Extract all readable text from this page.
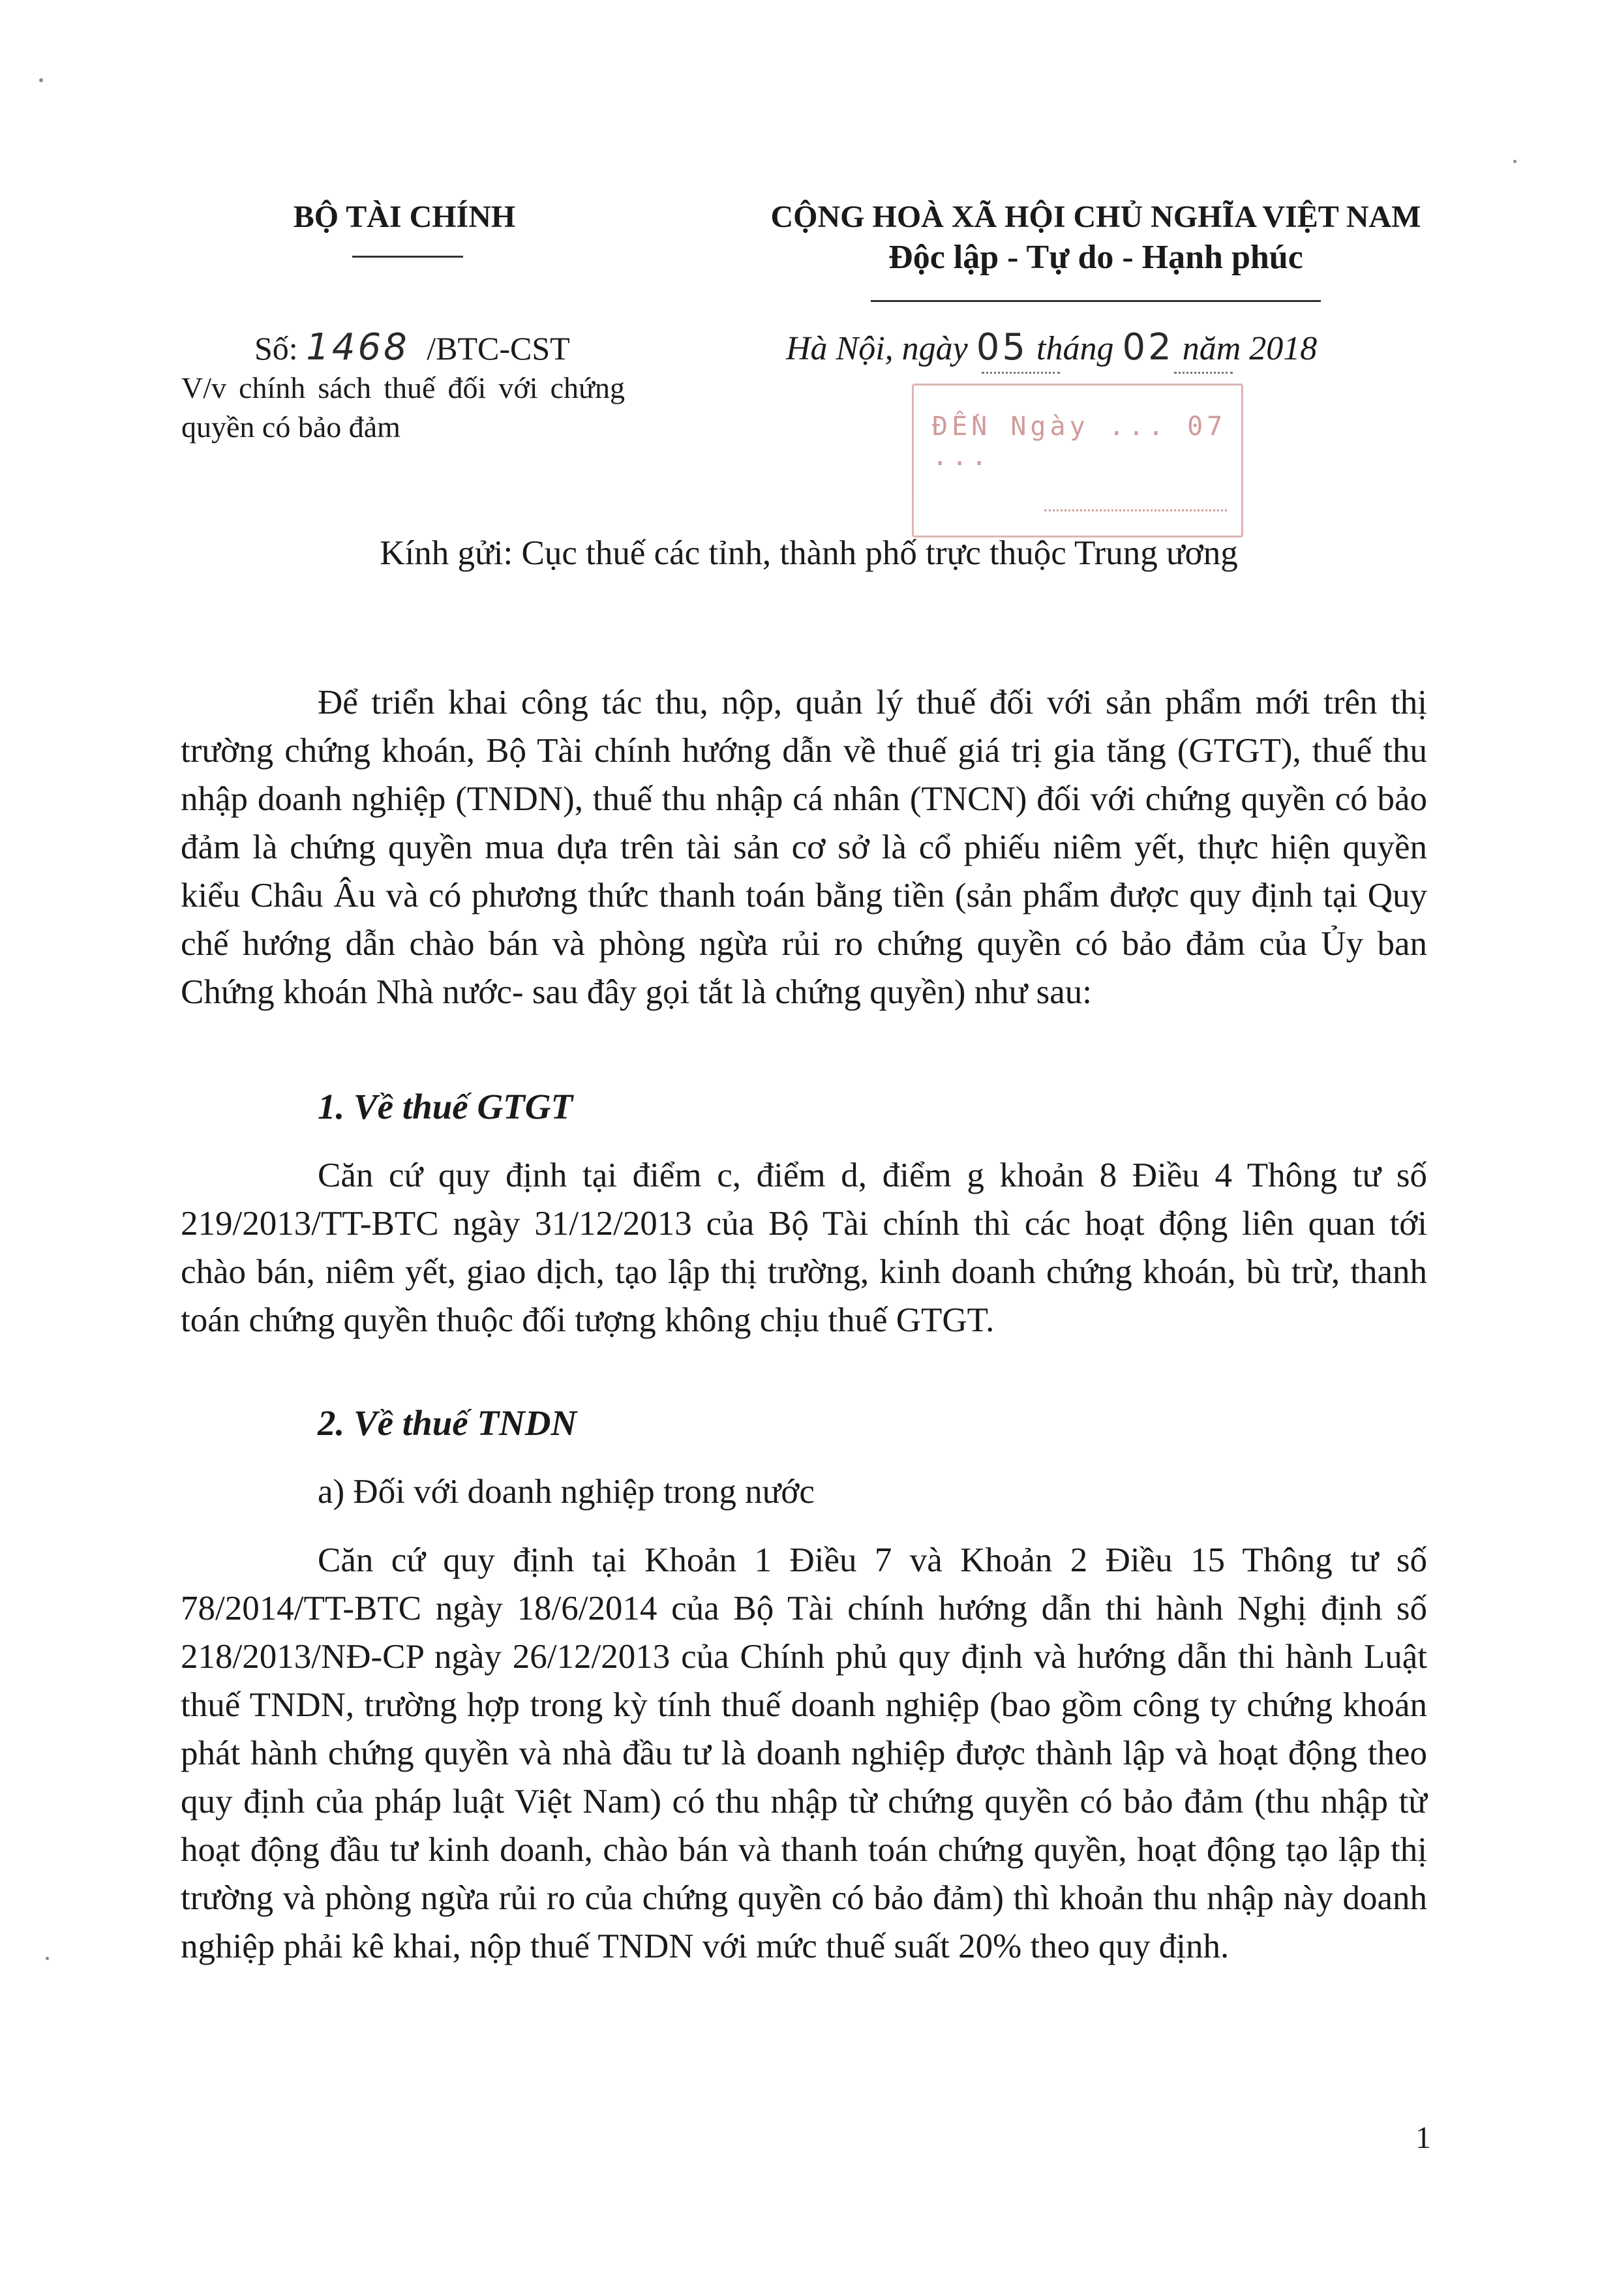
BỘ TÀI CHÍNH	CỘNG HOÀ XÃ HỘI CHỦ NGHĨA VIỆT NAM
Độc lập - Tự do - Hạnh phúc
Số: 1468 /BTC-CST
V/v chính sách thuế đối với chứng quyền có bảo đảm
Hà Nội, ngày 05 tháng 02 năm 2018
ĐẾN Ngày ... 07 ...
Kính gửi: Cục thuế các tỉnh, thành phố trực thuộc Trung ương
Để triển khai công tác thu, nộp, quản lý thuế đối với sản phẩm mới trên thị trường chứng khoán, Bộ Tài chính hướng dẫn về thuế giá trị gia tăng (GTGT), thuế thu nhập doanh nghiệp (TNDN), thuế thu nhập cá nhân (TNCN) đối với chứng quyền có bảo đảm là chứng quyền mua dựa trên tài sản cơ sở là cổ phiếu niêm yết, thực hiện quyền kiểu Châu Âu và có phương thức thanh toán bằng tiền (sản phẩm được quy định tại Quy chế hướng dẫn chào bán và phòng ngừa rủi ro chứng quyền có bảo đảm của Ủy ban Chứng khoán Nhà nước- sau đây gọi tắt là chứng quyền) như sau:
1. Về thuế GTGT
Căn cứ quy định tại điểm c, điểm d, điểm g khoản 8 Điều 4 Thông tư số 219/2013/TT-BTC ngày 31/12/2013 của Bộ Tài chính thì các hoạt động liên quan tới chào bán, niêm yết, giao dịch, tạo lập thị trường, kinh doanh chứng khoán, bù trừ, thanh toán chứng quyền thuộc đối tượng không chịu thuế GTGT.
2. Về thuế TNDN
a) Đối với doanh nghiệp trong nước
Căn cứ quy định tại Khoản 1 Điều 7 và Khoản 2 Điều 15 Thông tư số 78/2014/TT-BTC ngày 18/6/2014 của Bộ Tài chính hướng dẫn thi hành Nghị định số 218/2013/NĐ-CP ngày 26/12/2013 của Chính phủ quy định và hướng dẫn thi hành Luật thuế TNDN, trường hợp trong kỳ tính thuế doanh nghiệp (bao gồm công ty chứng khoán phát hành chứng quyền và nhà đầu tư là doanh nghiệp được thành lập và hoạt động theo quy định của pháp luật Việt Nam) có thu nhập từ chứng quyền có bảo đảm (thu nhập từ hoạt động đầu tư kinh doanh, chào bán và thanh toán chứng quyền, hoạt động tạo lập thị trường và phòng ngừa rủi ro của chứng quyền có bảo đảm) thì khoản thu nhập này doanh nghiệp phải kê khai, nộp thuế TNDN với mức thuế suất 20% theo quy định.
1
